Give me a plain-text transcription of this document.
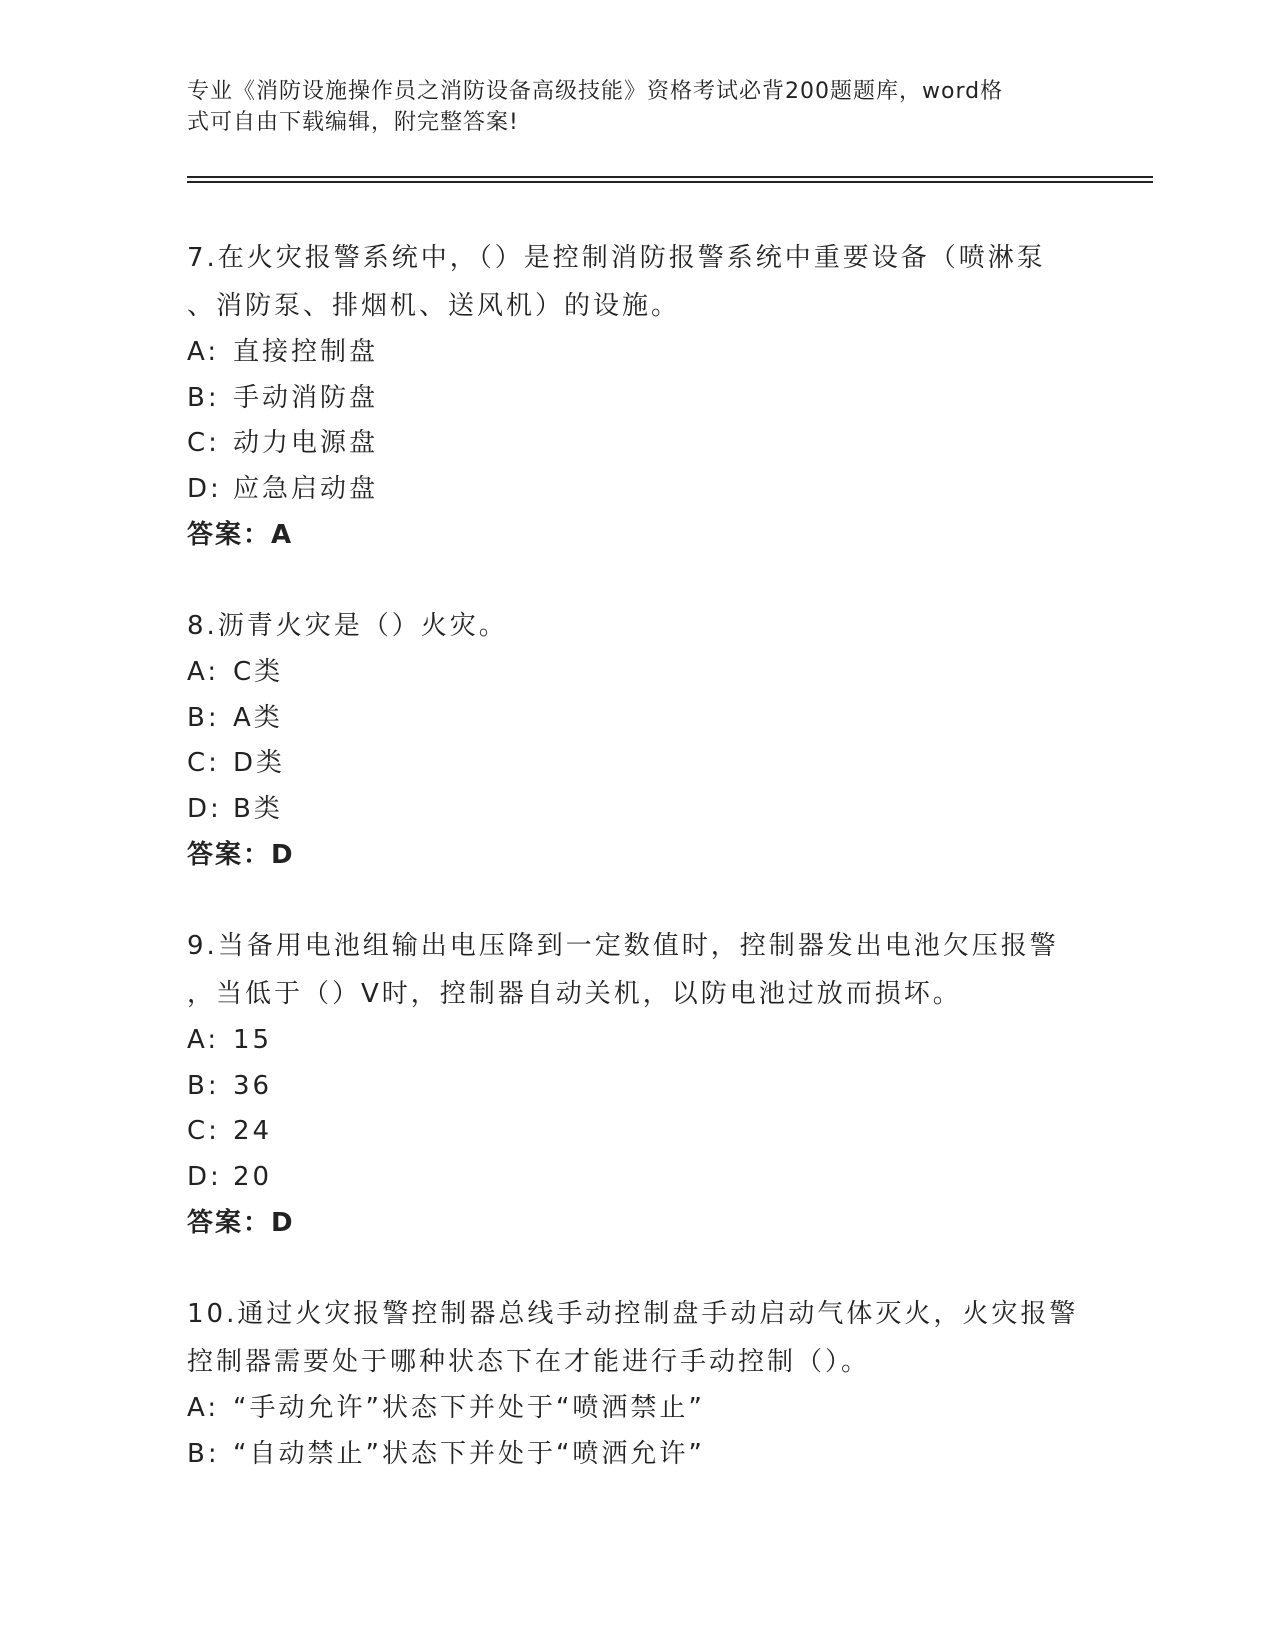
专业《消防设施操作员之消防设备高级技能》资格考试必背200题题库，word格
式可自由下载编辑，附完整答案!

7.在火灾报警系统中，（）是控制消防报警系统中重要设备（喷淋泵

、消防泵、排烟机、送风机）的设施。

A: 直接控制盘

B: 手动消防盘

C: 动力电源盘

D: 应急启动盘

答案：A

8.沥青火灾是（）火灾。

A: C类

B: A类

C: D类

D: B类

答案：D

9.当备用电池组输出电压降到一定数值时，控制器发出电池欠压报警

，当低于（）V时，控制器自动关机，以防电池过放而损坏。

A: 15

B: 36

C: 24

D: 20

答案：D

10.通过火灾报警控制器总线手动控制盘手动启动气体灭火，火灾报警

控制器需要处于哪种状态下在才能进行手动控制（）。

A: “手动允许”状态下并处于“喷洒禁止”

B: “自动禁止”状态下并处于“喷洒允许”
